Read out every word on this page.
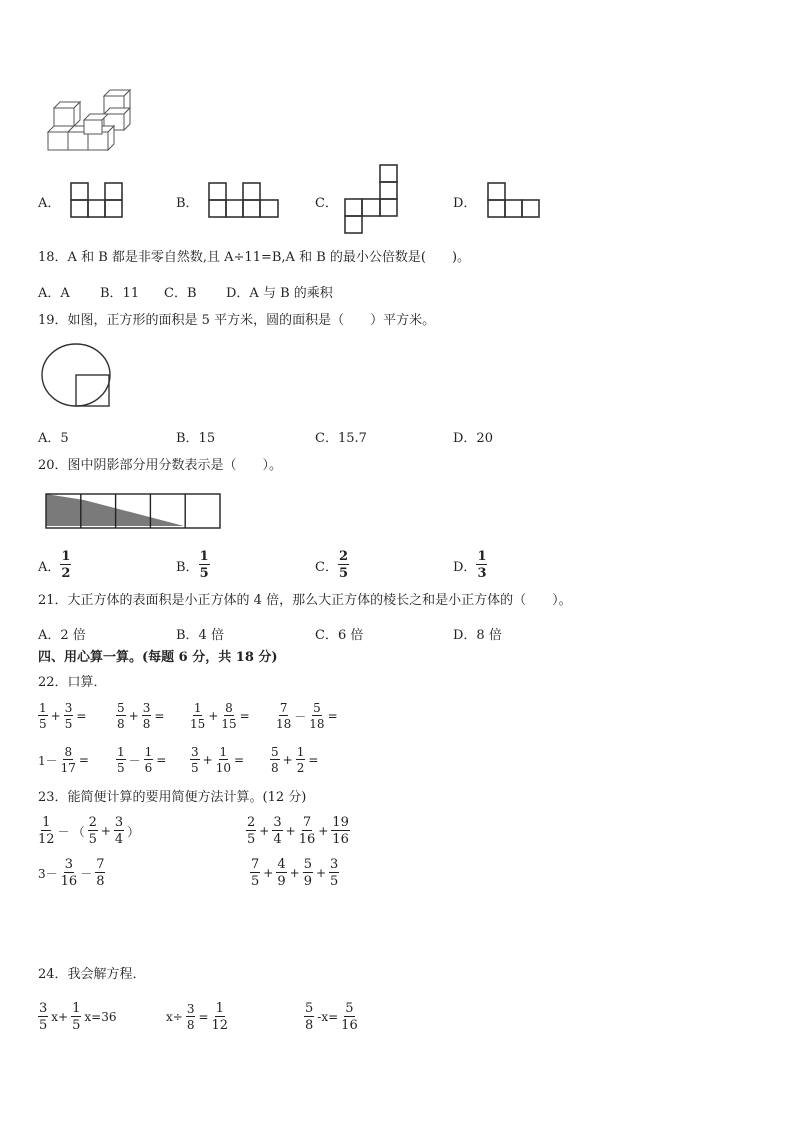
A．	B．	C．	D．
18．A 和 B 都是非零自然数,且 A÷11=B,A 和 B 的最小公倍数是(　　)。
A．A B．11 C．B D．A 与 B 的乘积
19．如图，正方形的面积是 5 平方米，圆的面积是（　　）平方米。
A．5	B．15	C．15.7	D．20
20．图中阴影部分用分数表示是（　　）。
A． $\frac{1}{2}$	B． $\frac{1}{5}$	C． $\frac{2}{5}$	D． $\frac{1}{3}$
21．大正方体的表面积是小正方体的 4 倍，那么大正方体的棱长之和是小正方体的（　　）。
A．2 倍	B．4 倍	C．6 倍	D．8 倍
四、用心算一算。(每题 6 分，共 18 分)
22．口算．
$\frac{1}{5} + \frac{3}{5} = \frac{5}{8} + \frac{3}{8} = \frac{1}{15} + \frac{8}{15} = \frac{7}{18} - \frac{5}{18}$ =
$1- \frac{8}{17} = \frac{1}{5} - \frac{1}{6} = \frac{3}{5} + \frac{1}{10} = \frac{5}{8} + \frac{1}{2}$ =
23．能简便计算的要用简便方法计算。(12 分)
$\frac{1}{12}$ － （ $\frac{2}{5} + \frac{3}{4}$ ）	$\frac{2}{5} + \frac{3}{4} + \frac{7}{16} + \frac{19}{16}$
$3- \frac{3}{16} - \frac{7}{8}$	$\frac{7}{5} + \frac{4}{9} + \frac{5}{9} + \frac{3}{5}$
24．我会解方程．
$\frac{3}{5} x+ \frac{1}{5} x=36$	$x\div \frac{3}{8} = \frac{1}{12}$	$\frac{5}{8} -x= \frac{5}{16}$
